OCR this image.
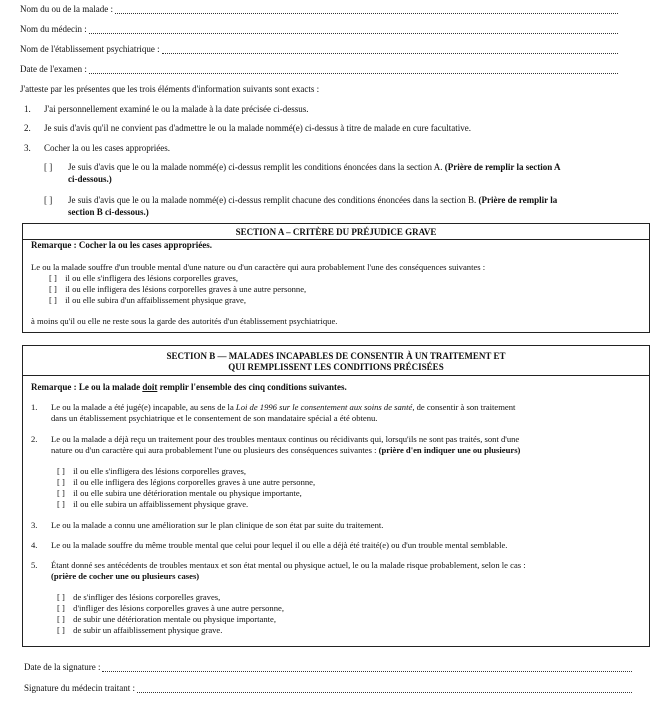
Nom du ou de la malade :
Nom du médecin :
Nom de l'établissement psychiatrique :
Date de l'examen :
J'atteste par les présentes que les trois éléments d'information suivants sont exacts :
1. J'ai personnellement examiné le ou la malade à la date précisée ci-dessus.
2. Je suis d'avis qu'il ne convient pas d'admettre le ou la malade nommé(e) ci-dessus à titre de malade en cure facultative.
3. Cocher la ou les cases appropriées.
[ ] Je suis d'avis que le ou la malade nommé(e) ci-dessus remplit les conditions énoncées dans la section A. (Prière de remplir la section A
ci-dessous.)
[ ] Je suis d'avis que le ou la malade nommé(e) ci-dessus remplit chacune des conditions énoncées dans la section B. (Prière de remplir la
section B ci-dessous.)
SECTION A – CRITÈRE DU PRÉJUDICE GRAVE
Remarque : Cocher la ou les cases appropriées.
Le ou la malade souffre d'un trouble mental d'une nature ou d'un caractère qui aura probablement l'une des conséquences suivantes :
[ ] il ou elle s'infligera des lésions corporelles graves,
[ ] il ou elle infligera des lésions corporelles graves à une autre personne,
[ ] il ou elle subira d'un affaiblissement physique grave,
à moins qu'il ou elle ne reste sous la garde des autorités d'un établissement psychiatrique.
SECTION B — MALADES INCAPABLES DE CONSENTIR À UN TRAITEMENT ET
QUI REMPLISSENT LES CONDITIONS PRÉCISÉES
Remarque : Le ou la malade doit remplir l'ensemble des cinq conditions suivantes.
1. Le ou la malade a été jugé(e) incapable, au sens de la Loi de 1996 sur le consentement aux soins de santé, de consentir à son traitement
dans un établissement psychiatrique et le consentement de son mandataire spécial a été obtenu.
2. Le ou la malade a déjà reçu un traitement pour des troubles mentaux continus ou récidivants qui, lorsqu'ils ne sont pas traités, sont d'une
nature ou d'un caractère qui aura probablement l'une ou plusieurs des conséquences suivantes : (prière d'en indiquer une ou plusieurs)
[ ] il ou elle s'infligera des lésions corporelles graves,
[ ] il ou elle infligera des légions corporelles graves à une autre personne,
[ ] il ou elle subira une détérioration mentale ou physique importante,
[ ] il ou elle subira un affaiblissement physique grave.
3. Le ou la malade a connu une amélioration sur le plan clinique de son état par suite du traitement.
4. Le ou la malade souffre du même trouble mental que celui pour lequel il ou elle a déjà été traité(e) ou d'un trouble mental semblable.
5. Étant donné ses antécédents de troubles mentaux et son état mental ou physique actuel, le ou la malade risque probablement, selon le cas :
(prière de cocher une ou plusieurs cases)
[ ] de s'infliger des lésions corporelles graves,
[ ] d'infliger des lésions corporelles graves à une autre personne,
[ ] de subir une détérioration mentale ou physique importante,
[ ] de subir un affaiblissement physique grave.
Date de la signature :
Signature du médecin traitant :
